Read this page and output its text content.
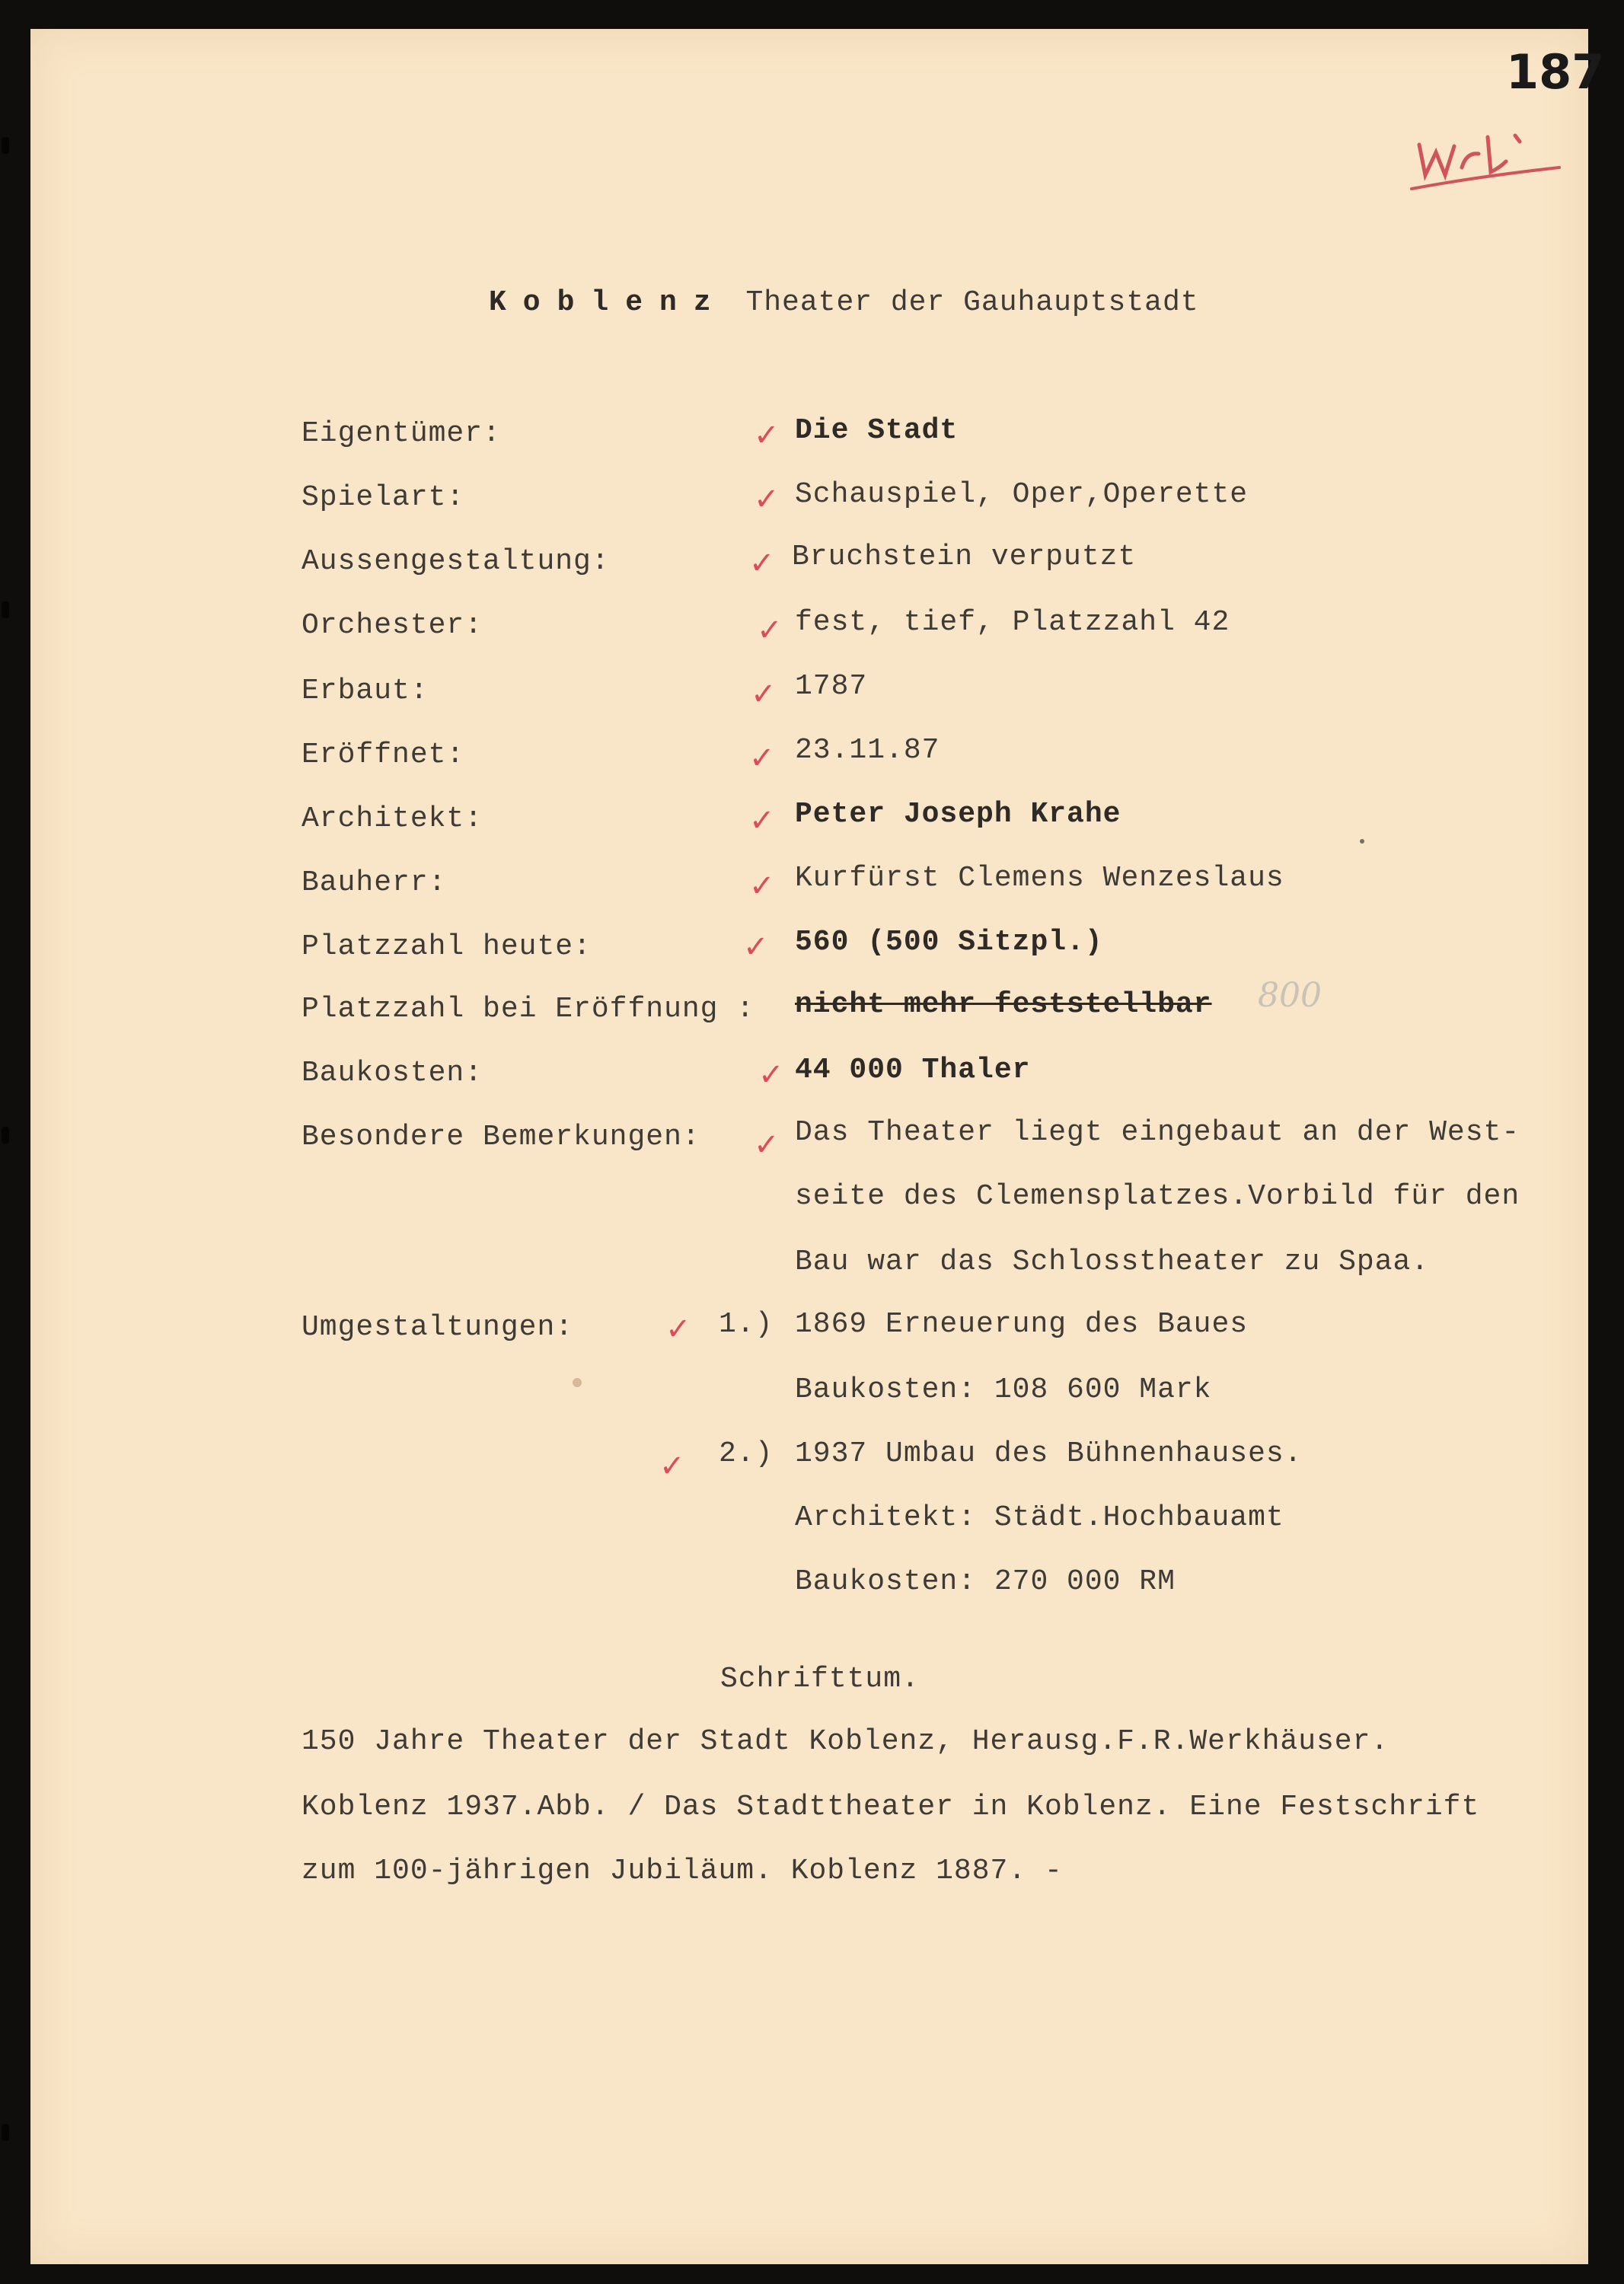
187

Koblenz Theater der Gauhauptstadt

Eigentümer:	✓ Die Stadt

Spielart:	✓ Schauspiel, Oper,Operette

Aussengestaltung:	✓ Bruchstein verputzt

Orchester:	✓ fest, tief, Platzzahl 42

Erbaut:	✓ 1787

Eröffnet:	✓ 23.11.87

Architekt:	✓ Peter Joseph Krahe

Bauherr:	✓ Kurfürst Clemens Wenzeslaus

Platzzahl heute:	✓ 560 (500 Sitzpl.)

Platzzahl bei Eröffnung : nicht mehr feststellbar 800

Baukosten:	✓ 44 000 Thaler

Besondere Bemerkungen: ✓ Das Theater liegt eingebaut an der West-

seite des Clemensplatzes.Vorbild für den

Bau war das Schlosstheater zu Spaa.

Umgestaltungen:	✓ 1.) 1869 Erneuerung des Baues

Baukosten: 108 600 Mark

✓ 2.) 1937 Umbau des Bühnenhauses.

Architekt: Städt.Hochbauamt

Baukosten: 270 000 RM

Schrifttum.

150 Jahre Theater der Stadt Koblenz, Herausg.F.R.Werkhäuser.

Koblenz 1937.Abb. / Das Stadttheater in Koblenz. Eine Festschrift

zum 100-jährigen Jubiläum. Koblenz 1887. -
